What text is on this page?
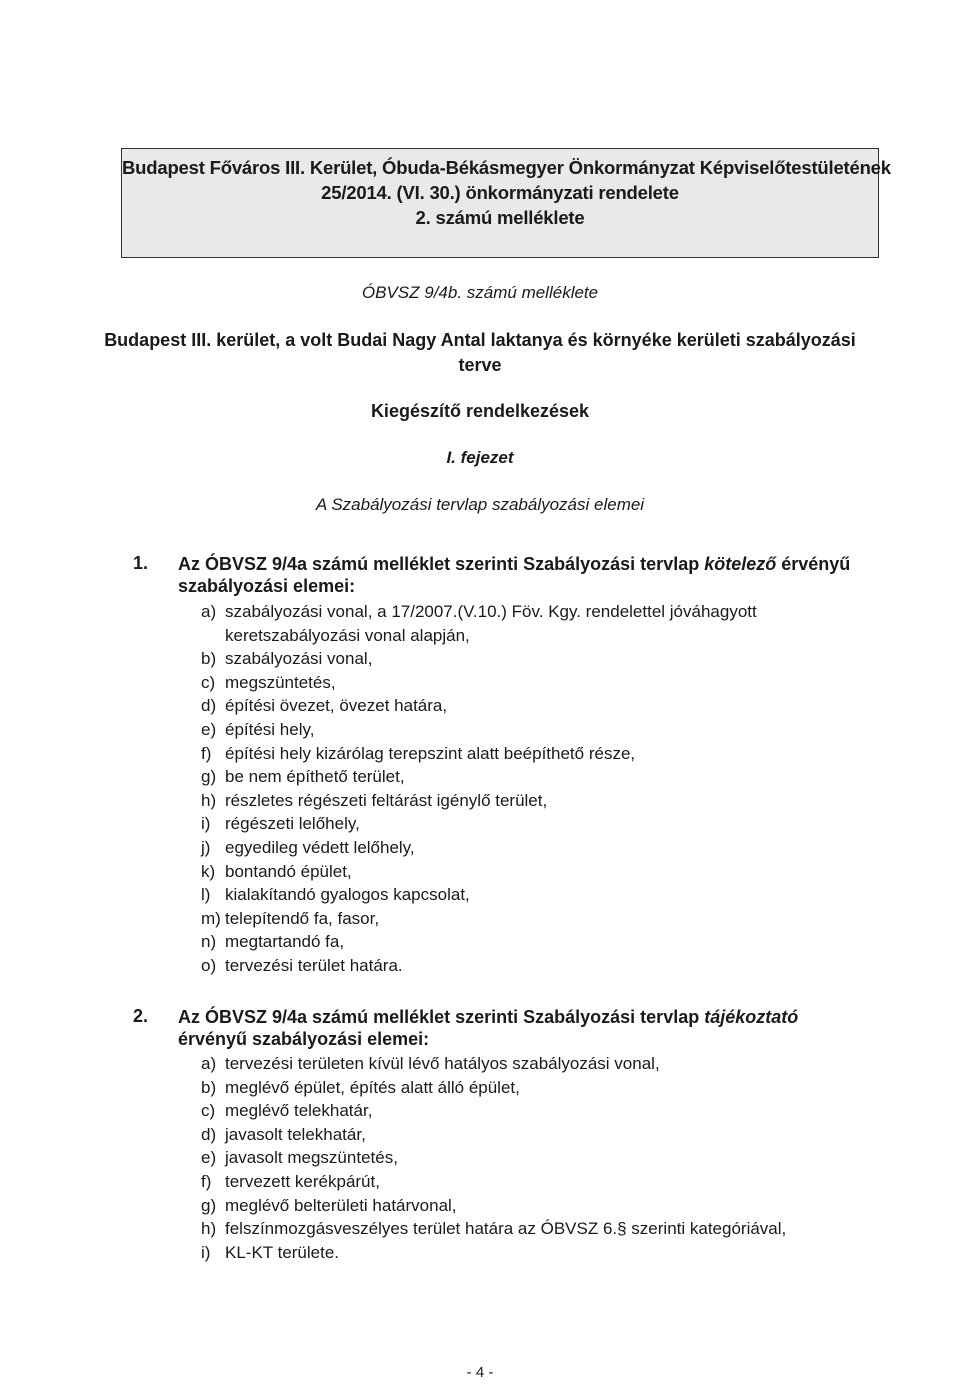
Budapest Főváros III. Kerület, Óbuda-Békásmegyer Önkormányzat Képviselőtestületének
25/2014. (VI. 30.) önkormányzati rendelete
2. számú melléklete
ÓBVSZ 9/4b. számú melléklete
Budapest III. kerület, a volt Budai Nagy Antal laktanya és környéke kerületi szabályozási
terve
Kiegészítő rendelkezések
I. fejezet
A Szabályozási tervlap szabályozási elemei
1. Az ÓBVSZ 9/4a számú melléklet szerinti Szabályozási tervlap kötelező érvényű szabályozási elemei:
a) szabályozási vonal, a 17/2007.(V.10.) Föv. Kgy. rendelettel jóváhagyott keretszabályozási vonal alapján,
b) szabályozási vonal,
c) megszüntetés,
d) építési övezet, övezet határa,
e) építési hely,
f) építési hely kizárólag terepszint alatt beépíthető része,
g) be nem építhető terület,
h) részletes régészeti feltárást igénylő terület,
i) régészeti lelőhely,
j) egyedileg védett lelőhely,
k) bontandó épület,
l) kialakítandó gyalogos kapcsolat,
m) telepítendő fa, fasor,
n) megtartandó fa,
o) tervezési terület határa.
2. Az ÓBVSZ 9/4a számú melléklet szerinti Szabályozási tervlap tájékoztató érvényű szabályozási elemei:
a) tervezési területen kívül lévő hatályos szabályozási vonal,
b) meglévő épület, építés alatt álló épület,
c) meglévő telekhatár,
d) javasolt telekhatár,
e) javasolt megszüntetés,
f) tervezett kerékpárút,
g) meglévő belterületi határvonal,
h) felszínmozgásveszélyes terület határa az ÓBVSZ 6.§ szerinti kategóriával,
i) KL-KT területe.
- 4 -
